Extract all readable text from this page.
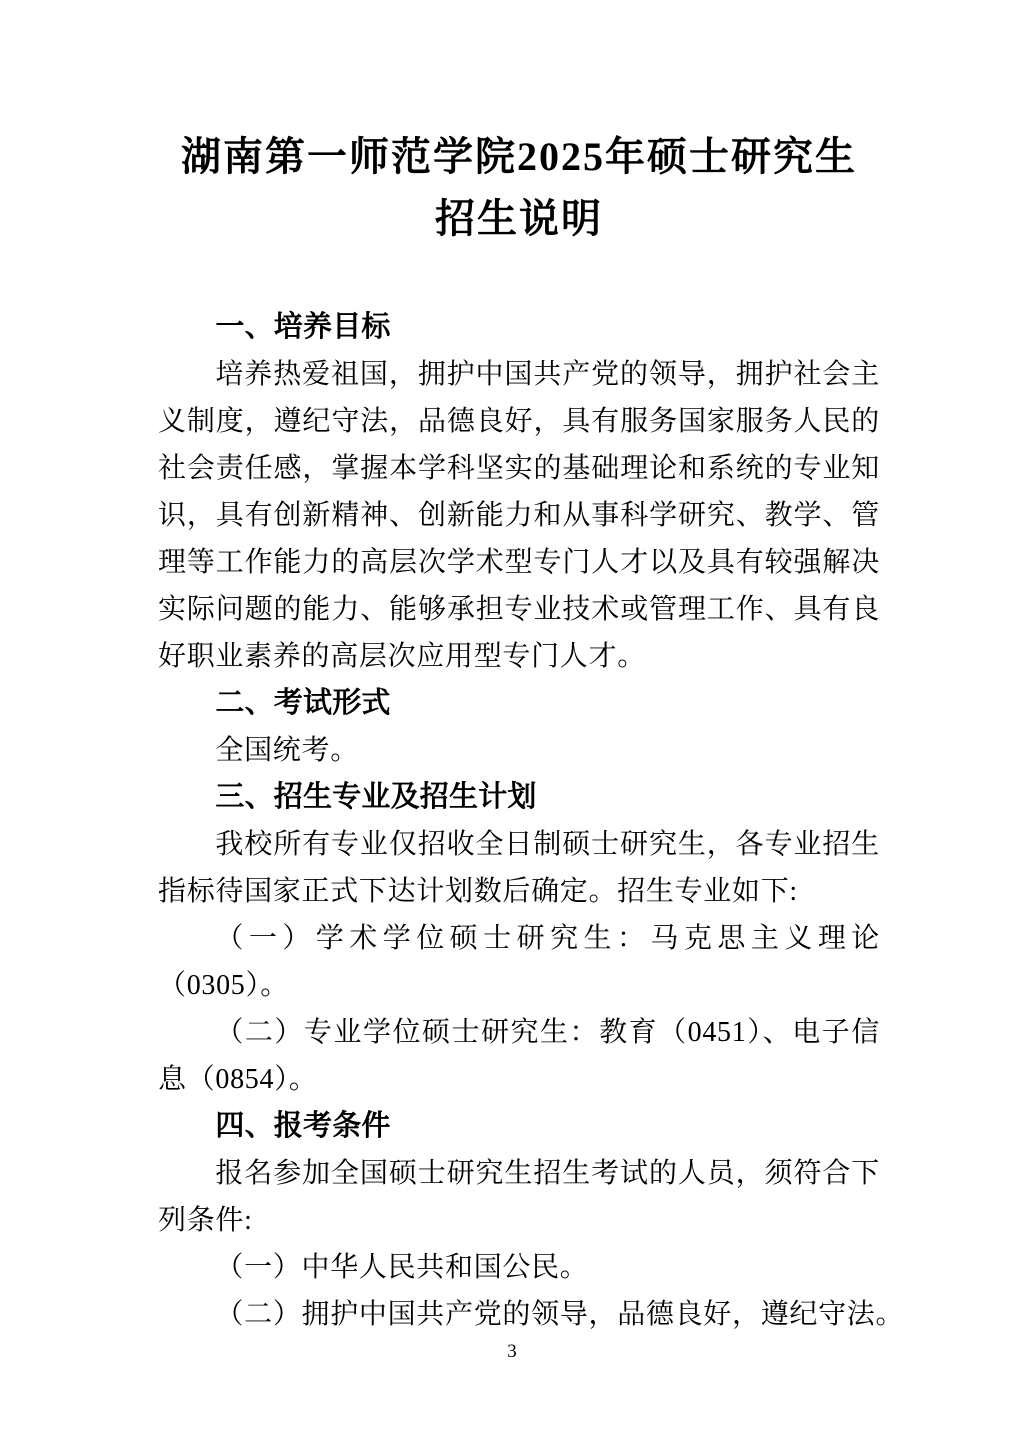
湖南第一师范学院2025年硕士研究生
招生说明
一、培养目标
培养热爱祖国，拥护中国共产党的领导，拥护社会主
义制度，遵纪守法，品德良好，具有服务国家服务人民的
社会责任感，掌握本学科坚实的基础理论和系统的专业知
识，具有创新精神、创新能力和从事科学研究、教学、管
理等工作能力的高层次学术型专门人才以及具有较强解决
实际问题的能力、能够承担专业技术或管理工作、具有良
好职业素养的高层次应用型专门人才。
二、考试形式
全国统考。
三、招生专业及招生计划
我校所有专业仅招收全日制硕士研究生，各专业招生
指标待国家正式下达计划数后确定。招生专业如下:
（一）学术学位硕士研究生：马克思主义理论
（0305）。
（二）专业学位硕士研究生：教育（0451）、电子信
息（0854）。
四、报考条件
报名参加全国硕士研究生招生考试的人员，须符合下
列条件:
（一）中华人民共和国公民。
（二）拥护中国共产党的领导，品德良好，遵纪守法。
3
